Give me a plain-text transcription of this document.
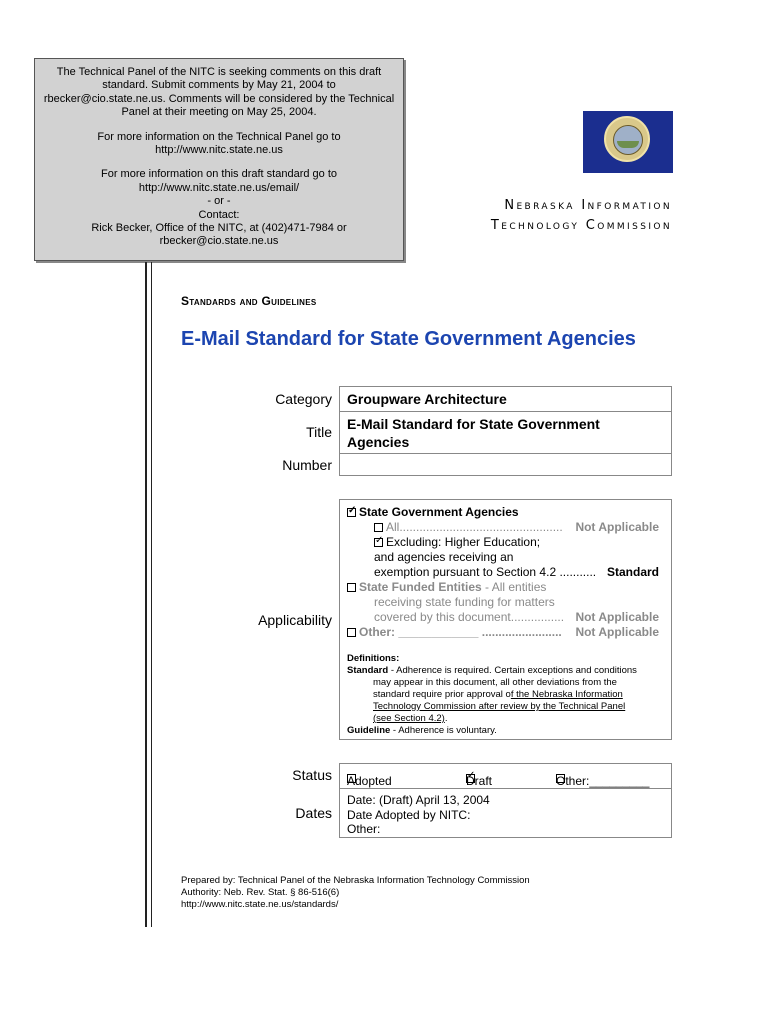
The Technical Panel of the NITC is seeking comments on this draft
standard. Submit comments by May 21, 2004 to
rbecker@cio.state.ne.us. Comments will be considered by the Technical
Panel at their meeting on May 25, 2004.

For more information on the Technical Panel go to
http://www.nitc.state.ne.us

For more information on this draft standard go to
http://www.nitc.state.ne.us/email/
- or -
Contact:
Rick Becker, Office of the NITC, at (402)471-7984 or
rbecker@cio.state.ne.us

Nebraska Information
Technology Commission
Standards and Guidelines
E-Mail Standard for State Government Agencies
Category
Title
Number
Groupware Architecture
E-Mail Standard for State Government
Agencies
Applicability
✓State Government Agencies
All................................................. Not Applicable
✓Excluding: Higher Education;
and agencies receiving an
exemption pursuant to Section 4.2 ........... Standard
State Funded Entities - All entities
receiving state funding for matters
covered by this document................ Not Applicable
Other: ____________ ........................ Not Applicable
Definitions:
Standard - Adherence is required. Certain exceptions and conditions
may appear in this document, all other deviations from the
standard require prior approval of the Nebraska Information
Technology Commission after review by the Technical Panel
(see Section 4.2).
Guideline - Adherence is voluntary.
Status
Dates
Adopted
✓	Draft	Other:_________
Date: (Draft) April 13, 2004
Date Adopted by NITC:
Other:
Prepared by: Technical Panel of the Nebraska Information Technology Commission
Authority: Neb. Rev. Stat. § 86-516(6)
http://www.nitc.state.ne.us/standards/
